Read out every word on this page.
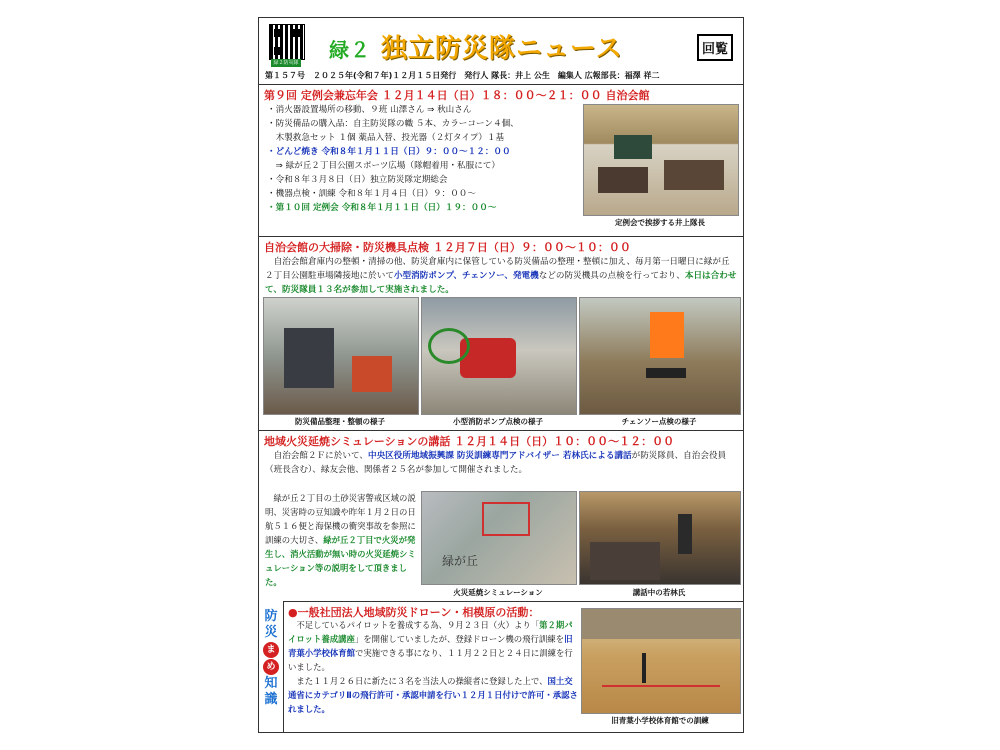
緑２防災隊
緑２ 独立防災隊ニュース	回覧
第１５７号　２０２５年(令和７年)１２月１５日発行　発行人 隊長：井上 公生　編集人 広報部長：福澤 祥二
第９回 定例会兼忘年会 １２月１４日（日）１８：００〜２１：００ 自治会館
・消火器設置場所の移動、９班 山澤さん ⇒ 秋山さん
・防災備品の購入品：自主防災隊の幟 ５本、カラーコーン４個、
　木製救急セット １個 薬品入替、投光器（２灯タイプ）１基
・どんど焼き 令和８年１月１１日（日）９：００〜１２：００
　⇒ 緑が丘２丁目公園スポーツ広場（隊帽着用・私服にて）
・令和８年３月８日（日）独立防災隊定期総会
・機器点検・訓練 令和８年１月４日（日）９：００〜
・第１０回 定例会 令和８年１月１１日（日）１９：００〜
定例会で挨拶する井上隊長
自治会館の大掃除・防災機具点検 １２月７日（日）９：００〜１０：００
　自治会館倉庫内の整頓・清掃の他、防災倉庫内に保管している防災備品の整理・整頓に加え、毎月第一日曜日に緑が丘２丁目公園駐車場隣接地に於いて小型消防ポンプ、チェンソー、発電機などの防災機具の点検を行っており、本日は合わせて、防災隊員１３名が参加して実施されました。
防災備品整理・整頓の様子	小型消防ポンプ点検の様子	チェンソー点検の様子
地域火災延焼シミュレーションの講話 １２月１４日（日）１０：００〜１２：００
　自治会館２Ｆに於いて、中央区役所地域振興課 防災訓練専門アドバイザー 若林氏による講話が防災隊員、自治会役員（班長含む）、緑友会他、関係者２５名が参加して開催されました。
　緑が丘２丁目の土砂災害警戒区域の説明、災害時の豆知識や昨年１月２日の日航５１６便と海保機の衝突事故を参照に訓練の大切さ、緑が丘２丁目で火災が発生し、消火活動が無い時の火災延焼シミュレーション等の説明をして頂きました。
緑が丘
火災延焼シミュレーション	講話中の若林氏
防
災
ま
め
知
識
●一般社団法人地域防災ドローン・相模原の活動：
　不足しているパイロットを養成する為、９月２３日（火）より「第２期パイロット養成講座」を開催していましたが、登録ドローン機の飛行訓練を旧青葉小学校体育館で実施できる事になり、１１月２２日と２４日に訓練を行いました。
　また１１月２６日に新たに３名を当法人の操縦者に登録した上で、国土交通省にカテゴリⅡの飛行許可・承認申請を行い１２月１日付けで許可・承認されました。
旧青葉小学校体育館での訓練
